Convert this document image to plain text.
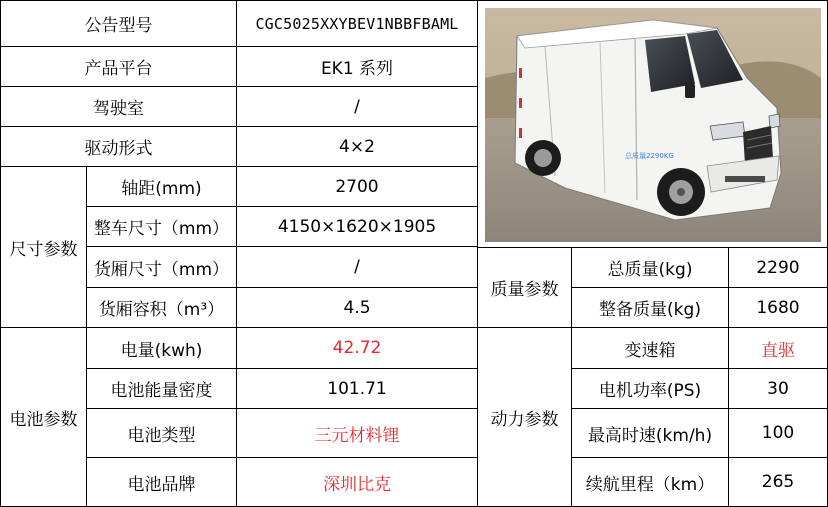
公告型号	CGC5025XXYBEV1NBBFBAML
产品平台	EK1 系列
驾驶室	/
驱动形式	4×2
尺寸参数
轴距(mm)	2700
整车尺寸（mm）	4150×1620×1905
货厢尺寸（mm）	/
货厢容积（m³）	4.5
质量参数
总质量(kg)	2290
整备质量(kg)	1680
电池参数
电量(kwh)	42.72
电池能量密度	101.71
电池类型	三元材料锂
电池品牌	深圳比克
动力参数
变速箱	直驱
电机功率(PS)	30
最高时速(km/h)	100
续航里程（km）	265
总质量2290KG
